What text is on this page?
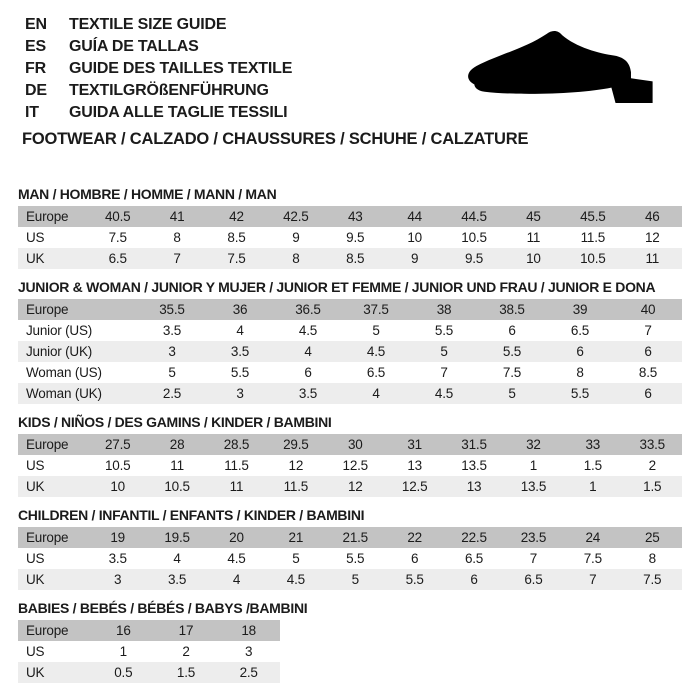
EN	TEXTILE SIZE GUIDE
ES	GUÍA DE TALLAS
FR	GUIDE DES TAILLES TEXTILE
DE	TEXTILGRÖßENFÜHRUNG
IT	GUIDA ALLE TAGLIE TESSILI
FOOTWEAR / CALZADO / CHAUSSURES / SCHUHE / CALZATURE
MAN / HOMBRE / HOMME / MANN / MAN
Europe	40.5	41	42	42.5	43	44	44.5	45	45.5	46
US	7.5	8	8.5	9	9.5	10	10.5	11	11.5	12
UK	6.5	7	7.5	8	8.5	9	9.5	10	10.5	11
JUNIOR & WOMAN / JUNIOR Y MUJER / JUNIOR ET FEMME / JUNIOR UND FRAU / JUNIOR E DONA
Europe	35.5	36	36.5	37.5	38	38.5	39	40
Junior (US)	3.5	4	4.5	5	5.5	6	6.5	7
Junior (UK)	3	3.5	4	4.5	5	5.5	6	6
Woman (US)	5	5.5	6	6.5	7	7.5	8	8.5
Woman (UK)	2.5	3	3.5	4	4.5	5	5.5	6
KIDS / NIÑOS / DES GAMINS / KINDER / BAMBINI
Europe	27.5	28	28.5	29.5	30	31	31.5	32	33	33.5
US	10.5	11	11.5	12	12.5	13	13.5	1	1.5	2
UK	10	10.5	11	11.5	12	12.5	13	13.5	1	1.5
CHILDREN / INFANTIL / ENFANTS / KINDER / BAMBINI
Europe	19	19.5	20	21	21.5	22	22.5	23.5	24	25
US	3.5	4	4.5	5	5.5	6	6.5	7	7.5	8
UK	3	3.5	4	4.5	5	5.5	6	6.5	7	7.5
BABIES / BEBÉS / BÉBÉS / BABYS /BAMBINI
Europe	16	17	18
US	1	2	3
UK	0.5	1.5	2.5
